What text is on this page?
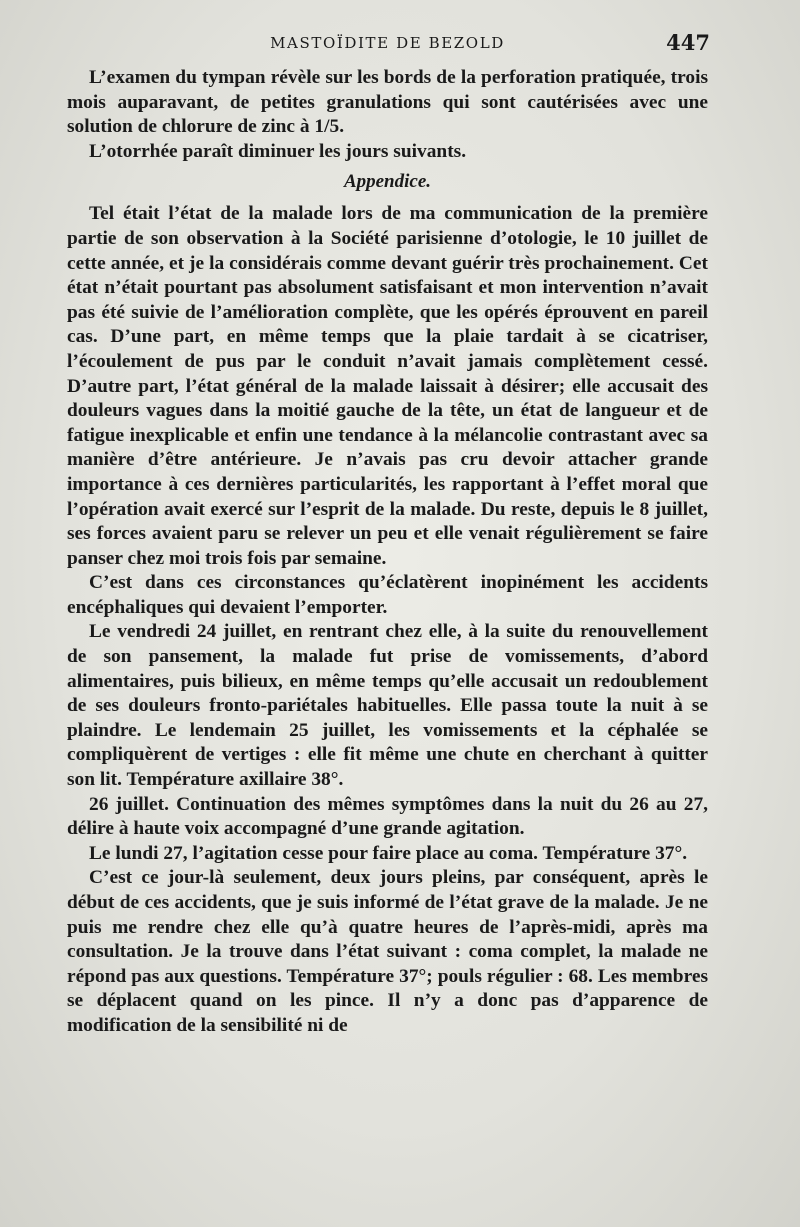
MASTOÏDITE DE BEZOLD	447

L’examen du tympan révèle sur les bords de la perforation pratiquée, trois mois auparavant, de petites granulations qui sont cautérisées avec une solution de chlorure de zinc à 1/5.

L’otorrhée paraît diminuer les jours suivants.

Appendice.

Tel était l’état de la malade lors de ma communication de la première partie de son observation à la Société parisienne d’otologie, le 10 juillet de cette année, et je la considérais comme devant guérir très prochainement. Cet état n’était pourtant pas absolument satisfaisant et mon intervention n’avait pas été suivie de l’amélioration complète, que les opérés éprouvent en pareil cas. D’une part, en même temps que la plaie tardait à se cicatriser, l’écoulement de pus par le conduit n’avait jamais complètement cessé. D’autre part, l’état général de la malade laissait à désirer; elle accusait des douleurs vagues dans la moitié gauche de la tête, un état de langueur et de fatigue inexplicable et enfin une tendance à la mélancolie contrastant avec sa manière d’être antérieure. Je n’avais pas cru devoir attacher grande importance à ces dernières particularités, les rapportant à l’effet moral que l’opération avait exercé sur l’esprit de la malade. Du reste, depuis le 8 juillet, ses forces avaient paru se relever un peu et elle venait régulièrement se faire panser chez moi trois fois par semaine.

C’est dans ces circonstances qu’éclatèrent inopinément les accidents encéphaliques qui devaient l’emporter.

Le vendredi 24 juillet, en rentrant chez elle, à la suite du renouvellement de son pansement, la malade fut prise de vomissements, d’abord alimentaires, puis bilieux, en même temps qu’elle accusait un redoublement de ses douleurs fronto-pariétales habituelles. Elle passa toute la nuit à se plaindre. Le lendemain 25 juillet, les vomissements et la céphalée se compliquèrent de vertiges : elle fit même une chute en cherchant à quitter son lit. Température axillaire 38°.

26 juillet. Continuation des mêmes symptômes dans la nuit du 26 au 27, délire à haute voix accompagné d’une grande agitation.

Le lundi 27, l’agitation cesse pour faire place au coma. Température 37°.

C’est ce jour-là seulement, deux jours pleins, par conséquent, après le début de ces accidents, que je suis informé de l’état grave de la malade. Je ne puis me rendre chez elle qu’à quatre heures de l’après-midi, après ma consultation. Je la trouve dans l’état suivant : coma complet, la malade ne répond pas aux questions. Température 37°; pouls régulier : 68. Les membres se déplacent quand on les pince. Il n’y a donc pas d’apparence de modification de la sensibilité ni de
